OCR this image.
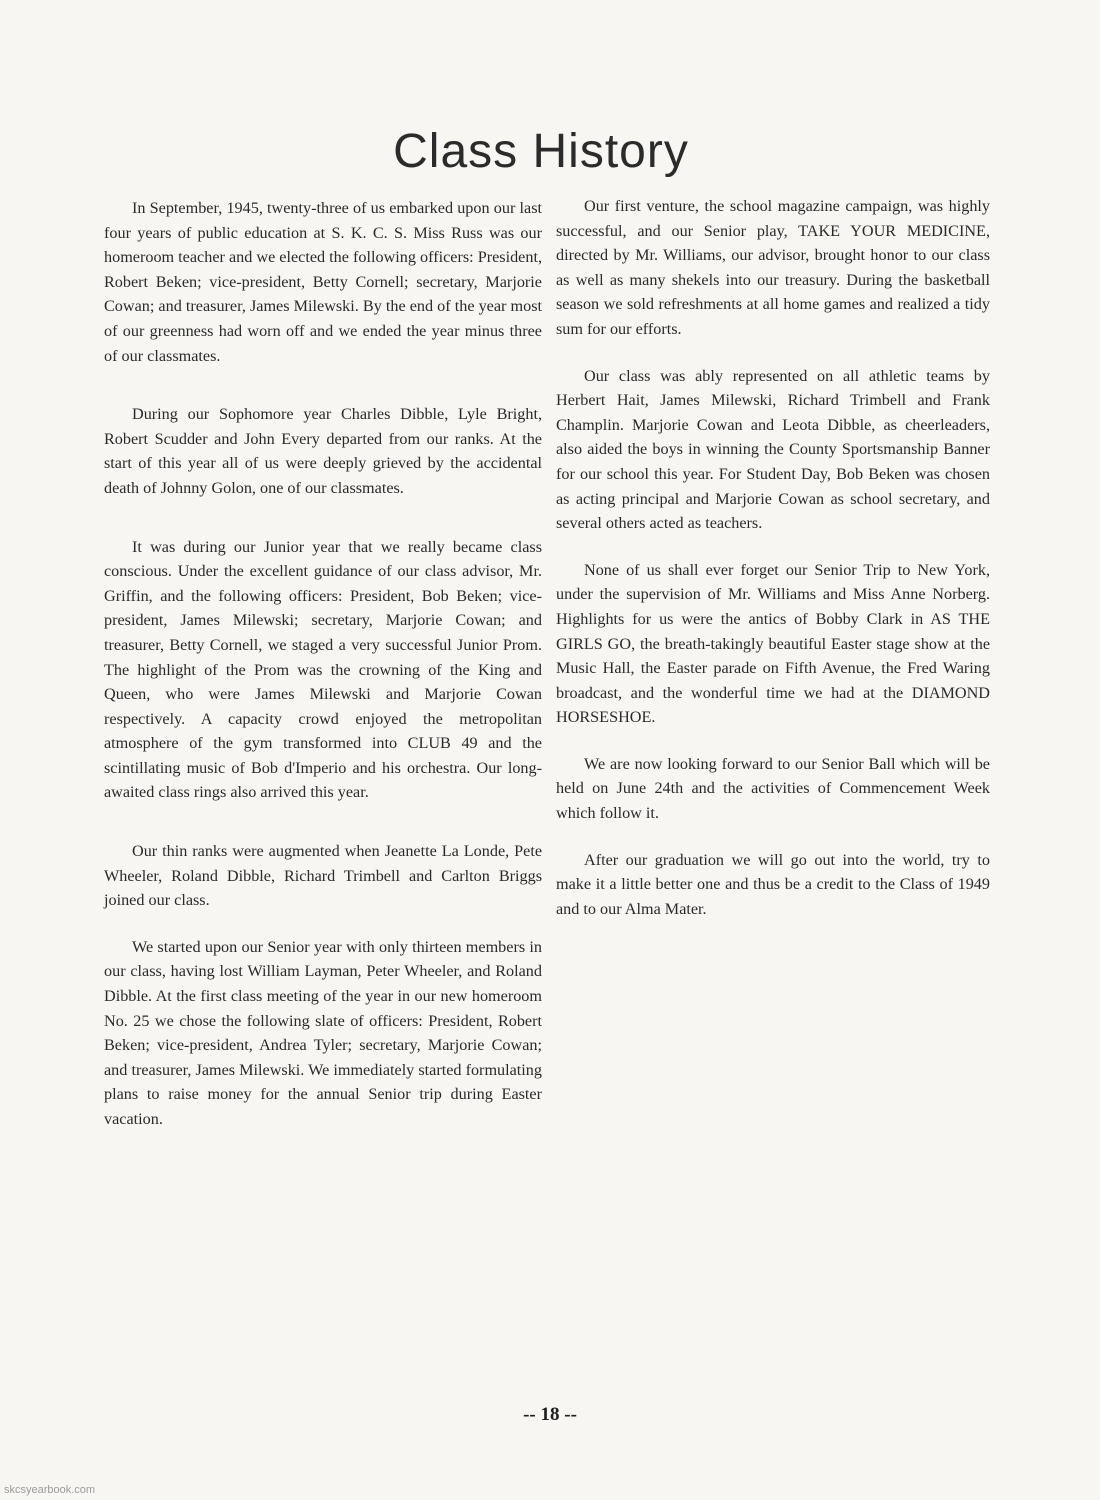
Class History

In September, 1945, twenty-three of us embarked upon our last four years of public education at S. K. C. S. Miss Russ was our homeroom teacher and we elected the following officers: President, Robert Beken; vice-president, Betty Cornell; secretary, Marjorie Cowan; and treasurer, James Milewski. By the end of the year most of our greenness had worn off and we ended the year minus three of our classmates.

During our Sophomore year Charles Dibble, Lyle Bright, Robert Scudder and John Every departed from our ranks. At the start of this year all of us were deeply grieved by the accidental death of Johnny Golon, one of our classmates.

It was during our Junior year that we really became class conscious. Under the excellent guidance of our class advisor, Mr. Griffin, and the following officers: President, Bob Beken; vice-president, James Milewski; secretary, Marjorie Cowan; and treasurer, Betty Cornell, we staged a very successful Junior Prom. The highlight of the Prom was the crowning of the King and Queen, who were James Milewski and Marjorie Cowan respectively. A capacity crowd enjoyed the metropolitan atmosphere of the gym transformed into CLUB 49 and the scintillating music of Bob d'Imperio and his orchestra. Our long-awaited class rings also arrived this year.

Our thin ranks were augmented when Jeanette La Londe, Pete Wheeler, Roland Dibble, Richard Trimbell and Carlton Briggs joined our class.

We started upon our Senior year with only thirteen members in our class, having lost William Layman, Peter Wheeler, and Roland Dibble. At the first class meeting of the year in our new homeroom No. 25 we chose the following slate of officers: President, Robert Beken; vice-president, Andrea Tyler; secretary, Marjorie Cowan; and treasurer, James Milewski. We immediately started formulating plans to raise money for the annual Senior trip during Easter vacation.

Our first venture, the school magazine campaign, was highly successful, and our Senior play, TAKE YOUR MEDICINE, directed by Mr. Williams, our advisor, brought honor to our class as well as many shekels into our treasury. During the basketball season we sold refreshments at all home games and realized a tidy sum for our efforts.

Our class was ably represented on all athletic teams by Herbert Hait, James Milewski, Richard Trimbell and Frank Champlin. Marjorie Cowan and Leota Dibble, as cheerleaders, also aided the boys in winning the County Sportsmanship Banner for our school this year. For Student Day, Bob Beken was chosen as acting principal and Marjorie Cowan as school secretary, and several others acted as teachers.

None of us shall ever forget our Senior Trip to New York, under the supervision of Mr. Williams and Miss Anne Norberg. Highlights for us were the antics of Bobby Clark in AS THE GIRLS GO, the breath-takingly beautiful Easter stage show at the Music Hall, the Easter parade on Fifth Avenue, the Fred Waring broadcast, and the wonderful time we had at the DIAMOND HORSESHOE.

We are now looking forward to our Senior Ball which will be held on June 24th and the activities of Commencement Week which follow it.

After our graduation we will go out into the world, try to make it a little better one and thus be a credit to the Class of 1949 and to our Alma Mater.

-- 18 --
skcsyearbook.com
